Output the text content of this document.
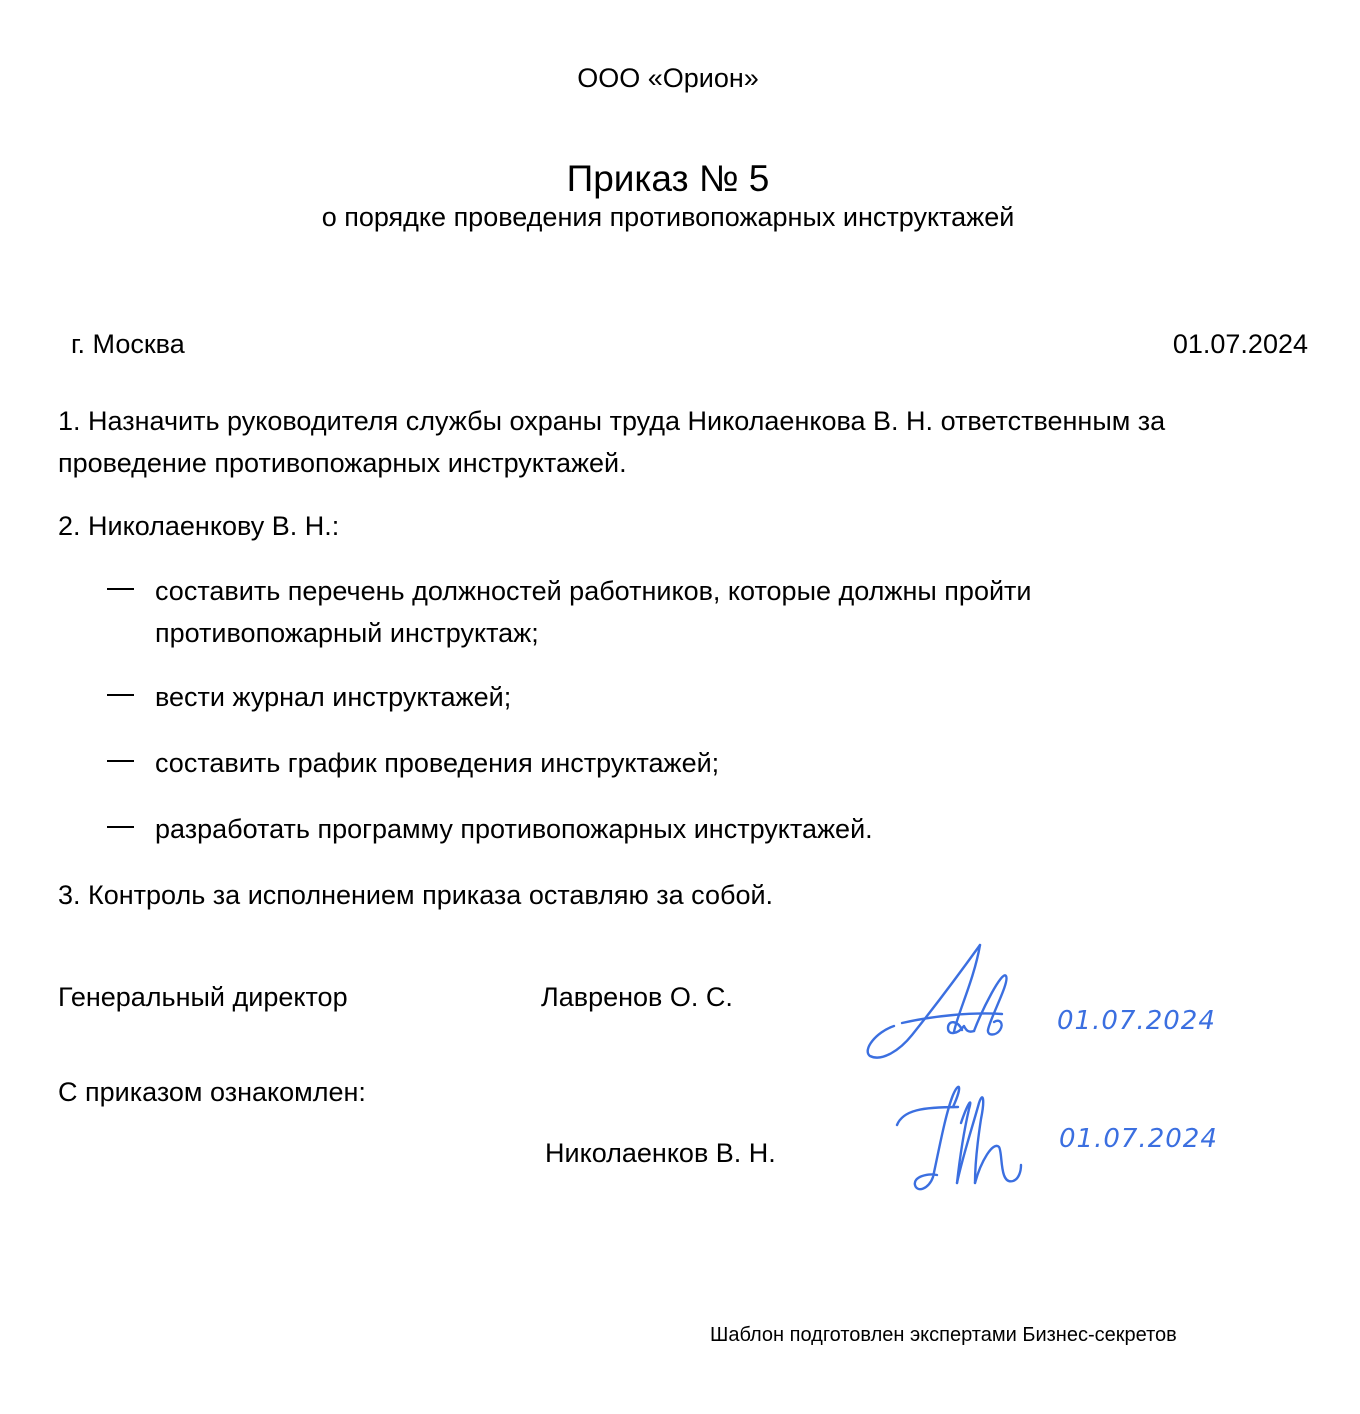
ООО «Орион»
Приказ № 5
о порядке проведения противопожарных инструктажей
г. Москва	01.07.2024
1. Назначить руководителя службы охраны труда Николаенкова В. Н. ответственным за проведение противопожарных инструктажей.
2. Николаенкову В. Н.:
составить перечень должностей работников, которые должны пройти
противопожарный инструктаж;
вести журнал инструктажей;
составить график проведения инструктажей;
разработать программу противопожарных инструктажей.
3. Контроль за исполнением приказа оставляю за собой.
Генеральный директор	Лавренов О. С.
01.07.2024
С приказом ознакомлен:
Николаенков В. Н.	01.07.2024
Шаблон подготовлен экспертами Бизнес-секретов
